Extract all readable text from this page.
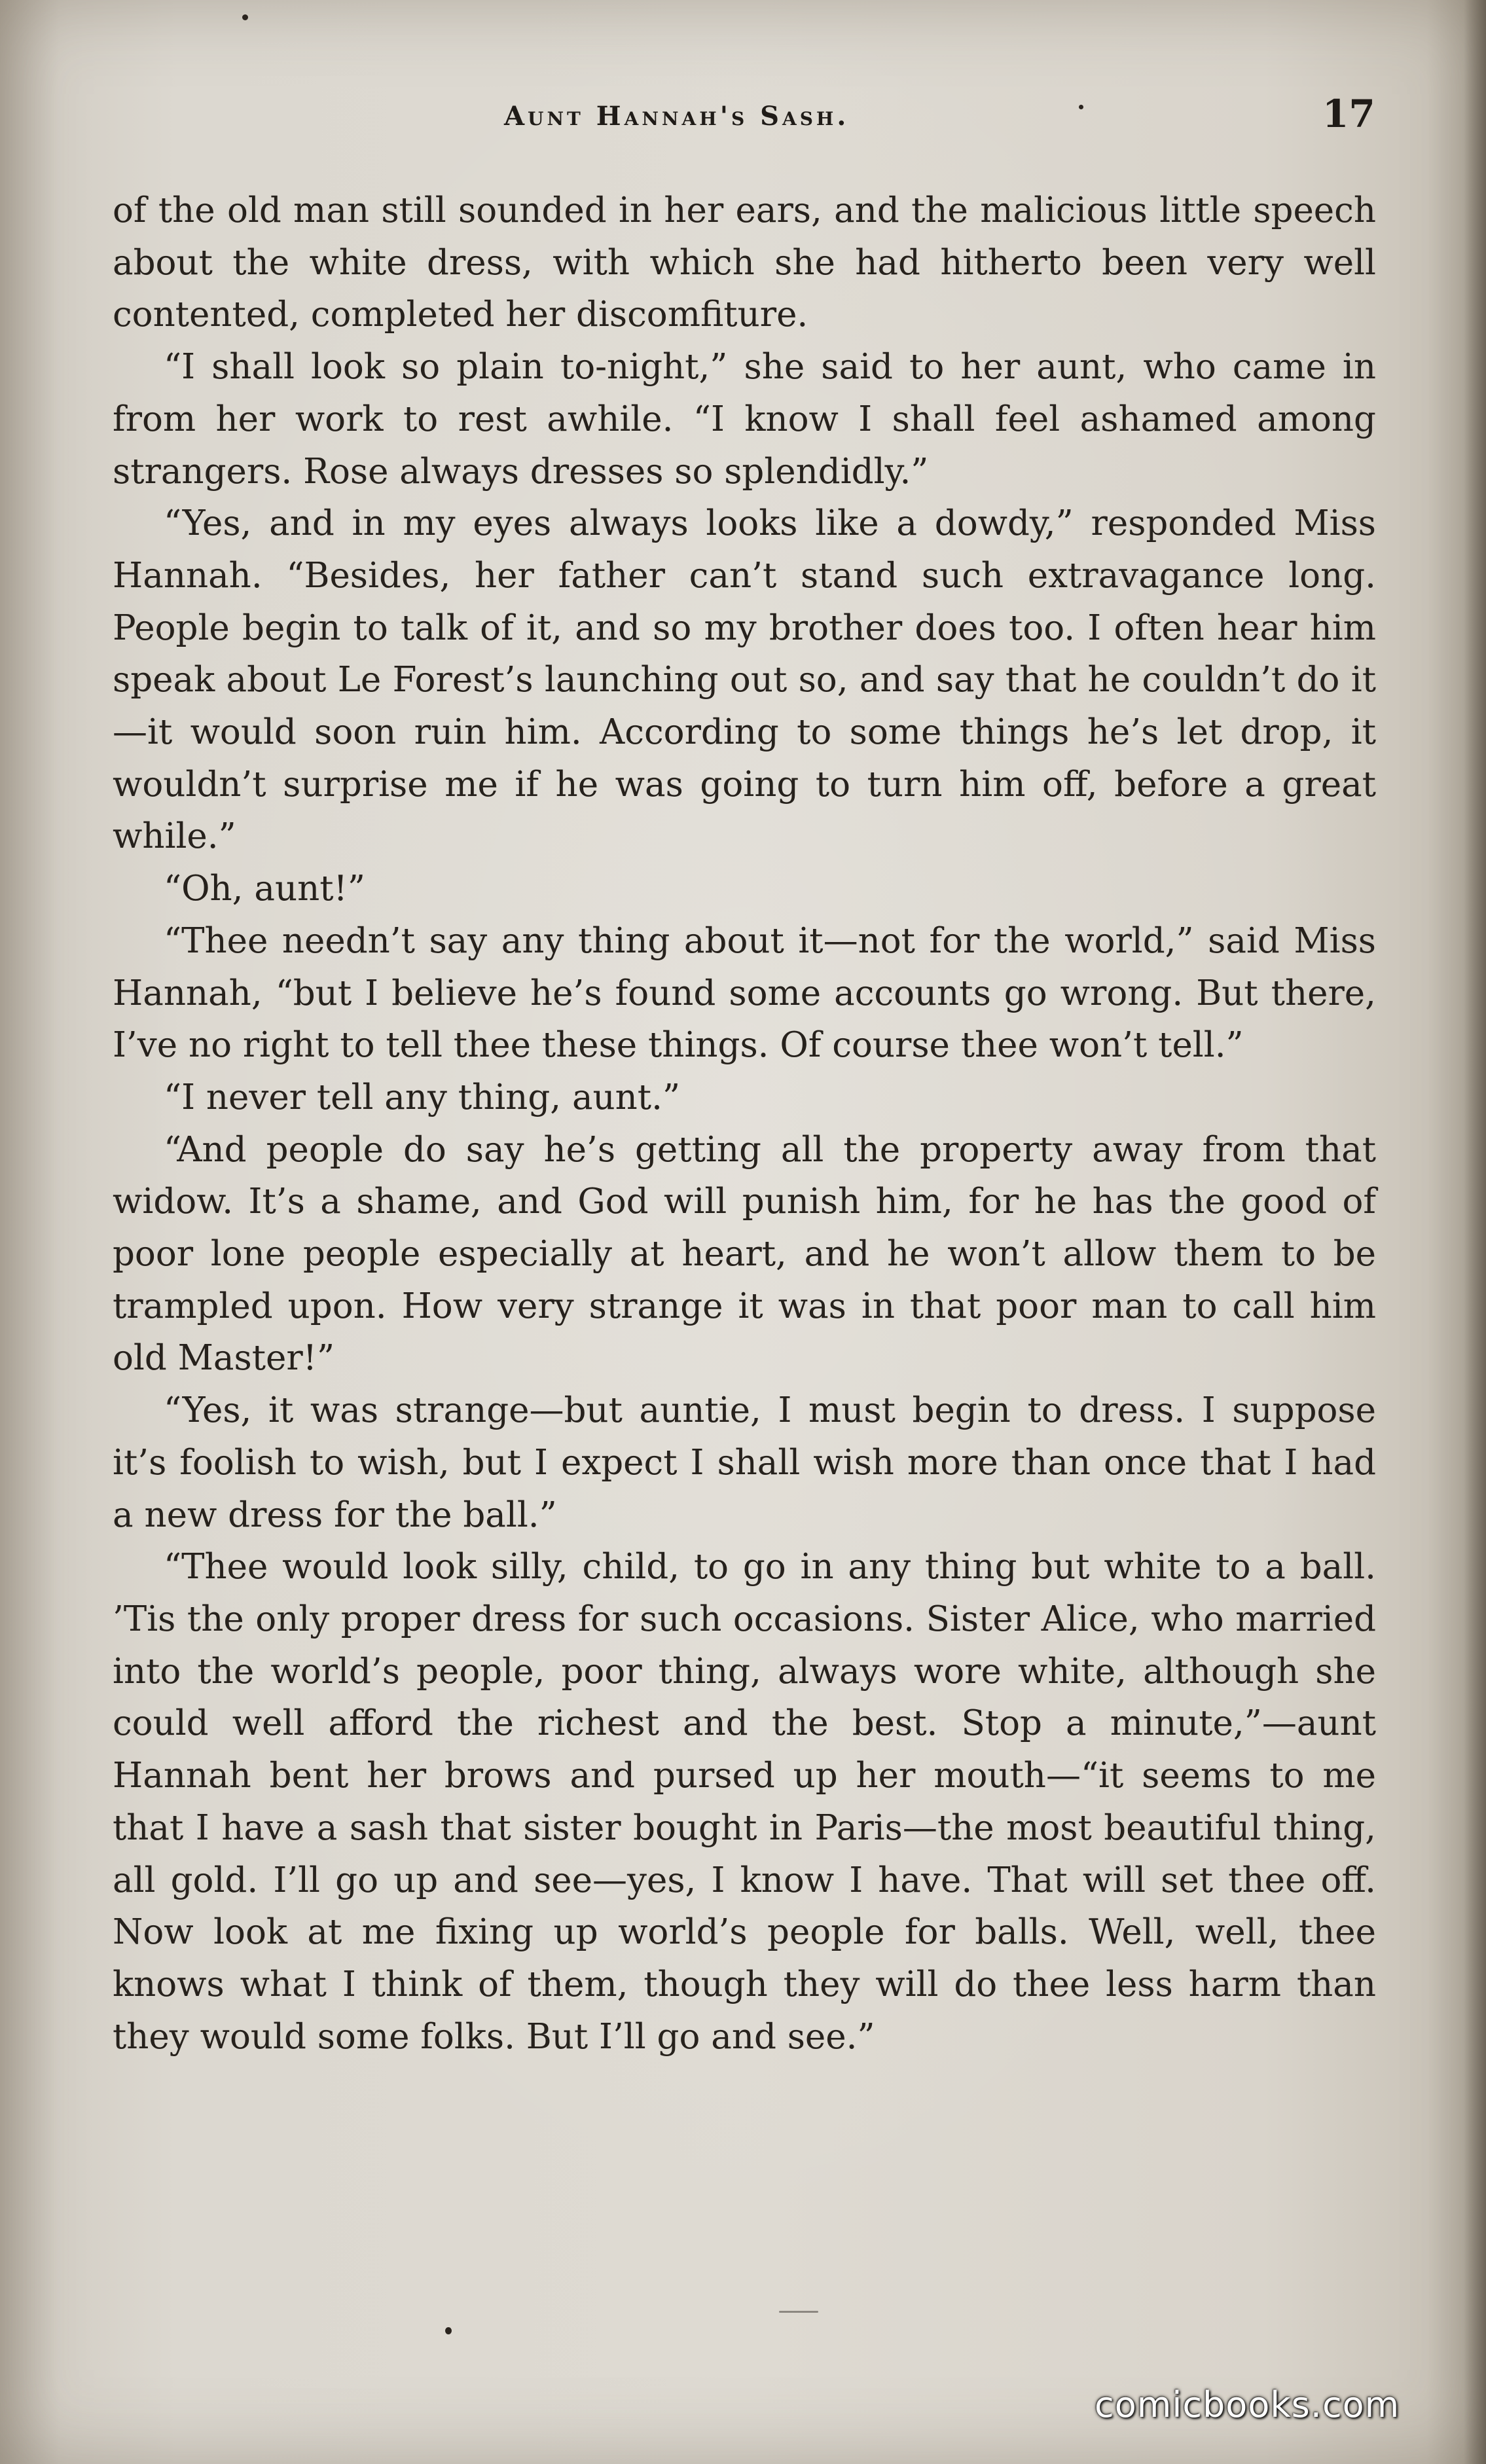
Aunt Hannah's Sash.	17

of the old man still sounded in her ears, and the malicious little speech about the white dress, with which she had hitherto been very well contented, completed her discomfiture.

“I shall look so plain to-night,” she said to her aunt, who came in from her work to rest awhile. “I know I shall feel ashamed among strangers. Rose always dresses so splendidly.”

“Yes, and in my eyes always looks like a dowdy,” responded Miss Hannah. “Besides, her father can’t stand such extravagance long. People begin to talk of it, and so my brother does too. I often hear him speak about Le Forest’s launching out so, and say that he couldn’t do it—it would soon ruin him. According to some things he’s let drop, it wouldn’t surprise me if he was going to turn him off, before a great while.”

“Oh, aunt!”

“Thee needn’t say any thing about it—not for the world,” said Miss Hannah, “but I believe he’s found some accounts go wrong. But there, I’ve no right to tell thee these things. Of course thee won’t tell.”

“I never tell any thing, aunt.”

“And people do say he’s getting all the property away from that widow. It’s a shame, and God will punish him, for he has the good of poor lone people especially at heart, and he won’t allow them to be trampled upon. How very strange it was in that poor man to call him old Master!”

“Yes, it was strange—but auntie, I must begin to dress. I suppose it’s foolish to wish, but I expect I shall wish more than once that I had a new dress for the ball.”

“Thee would look silly, child, to go in any thing but white to a ball. ’Tis the only proper dress for such occasions. Sister Alice, who married into the world’s people, poor thing, always wore white, although she could well afford the richest and the best. Stop a minute,”—aunt Hannah bent her brows and pursed up her mouth—“it seems to me that I have a sash that sister bought in Paris—the most beautiful thing, all gold. I’ll go up and see—yes, I know I have. That will set thee off. Now look at me fixing up world’s people for balls. Well, well, thee knows what I think of them, though they will do thee less harm than they would some folks. But I’ll go and see.”

comicbooks.com
